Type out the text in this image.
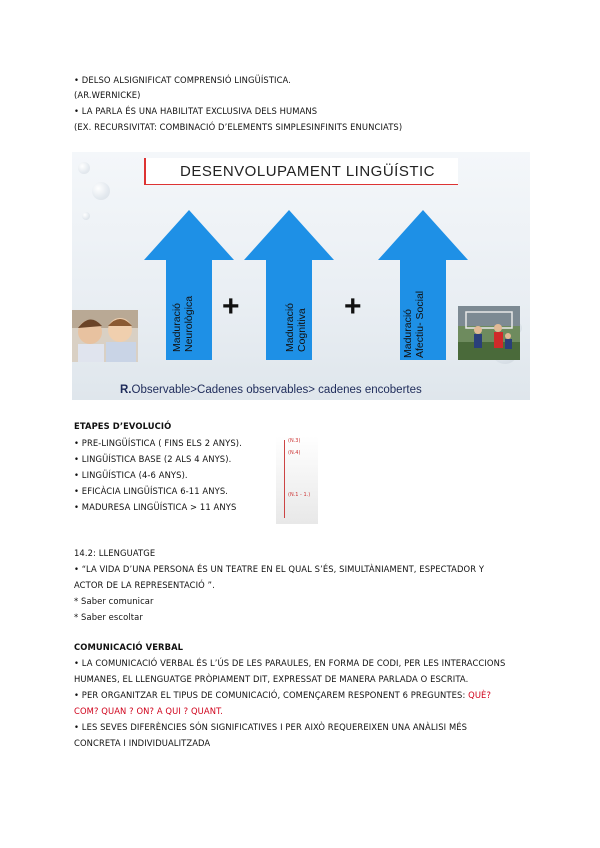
• DELSO ALSIGNIFICAT COMPRENSIÓ LINGÜÍSTICA.
(AR.WERNICKE)
• LA PARLA ÉS UNA HABILITAT EXCLUSIVA DELS HUMANS
(EX. RECURSIVITAT: COMBINACIÓ D’ELEMENTS SIMPLESINFINITS ENUNCIATS)
DESENVOLUPAMENT LINGÜÍSTIC
Maduració
Neurològica	Maduració
Cognitiva	Maduració
Afectiu- Social
+	+
R.Observable>Cadenes observables> cadenes encobertes
ETAPES D’EVOLUCIÓ
• PRE-LINGÜÍSTICA ( FINS ELS 2 ANYS).
• LINGÜÍSTICA BASE (2 ALS 4 ANYS).
• LINGÜÍSTICA (4-6 ANYS).
• EFICÀCIA LINGÜÍSTICA 6-11 ANYS.
• MADURESA LINGÜÍSTICA > 11 ANYS
(N.3)
(N.4)
(N.1 - 1.)
14.2: LLENGUATGE
• “LA VIDA D’UNA PERSONA ÉS UN TEATRE EN EL QUAL S’ÉS, SIMULTÀNIAMENT, ESPECTADOR Y
ACTOR DE LA REPRESENTACIÓ ”.
* Saber comunicar
* Saber escoltar
COMUNICACIÓ VERBAL
• LA COMUNICACIÓ VERBAL ÉS L’ÚS DE LES PARAULES, EN FORMA DE CODI, PER LES INTERACCIONS
HUMANES, EL LLENGUATGE PRÒPIAMENT DIT, EXPRESSAT DE MANERA PARLADA O ESCRITA.
• PER ORGANITZAR EL TIPUS DE COMUNICACIÓ, COMENÇAREM RESPONENT 6 PREGUNTES: QUÈ?
COM? QUAN ? ON? A QUI ? QUANT.
• LES SEVES DIFERÈNCIES SÓN SIGNIFICATIVES I PER AIXÒ REQUEREIXEN UNA ANÀLISI MÉS
CONCRETA I INDIVIDUALITZADA
